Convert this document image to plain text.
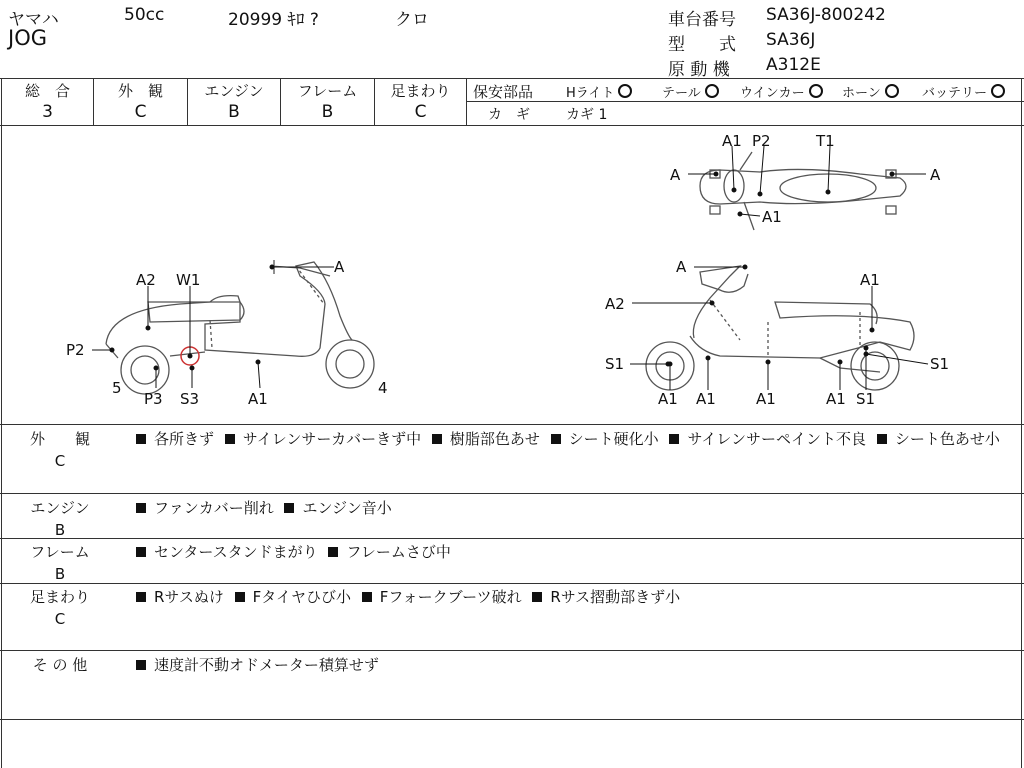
ヤマハ	50cc	20999 ｷﾛ ?	クロ
JOG
車台番号 SA36J-800242
型　　式 SA36J
原 動 機 A312E
総　合
3
外　観
C
エンジン
B
フレーム
B
足まわり
C
保安部品	Hライト	テール	ウインカー	ホーン	バッテリー
カ　ギ	カギ 1
A1 P2	T1
A	A
A1
A
A2 W1
P2
5
P3 S3	A1
4
A
A1
A2
S1	S1
A1 A1	A1	A1 S1
外　　観
C
各所きず サイレンサーカバーきず中 樹脂部色あせ シート硬化小 サイレンサーペイント不良 シート色あせ小
エンジン
B
ファンカバー削れ エンジン音小
フレーム
B
センタースタンドまがり フレームさび中
足まわり
C
Rサスぬけ Fタイヤひび小 Fフォークブーツ破れ Rサス摺動部きず小
そ の 他	速度計不動オドメーター積算せず
